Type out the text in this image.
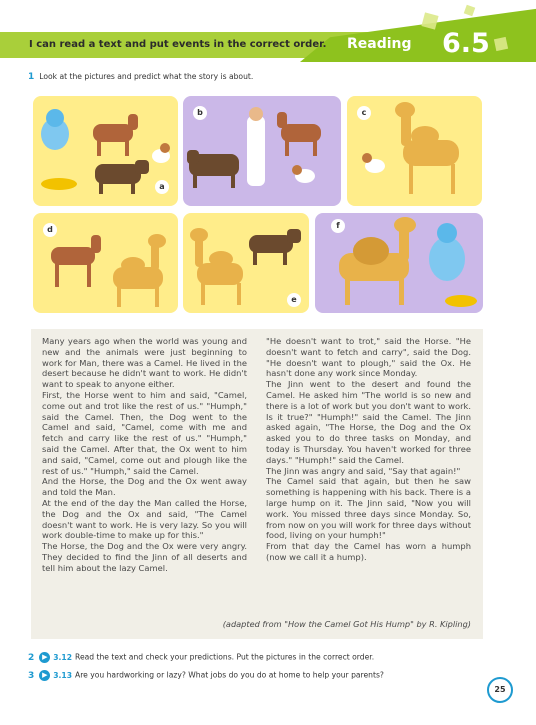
I can read a text and put events in the correct order. Reading 6.5
1 Look at the pictures and predict what the story is about.
a
b	c
d
e
f

Many years ago when the world was young and new and the animals were just beginning to work for Man, there was a Camel. He lived in the desert because he didn't want to work. He didn't want to speak to anyone either.

First, the Horse went to him and said, "Camel, come out and trot like the rest of us." "Humph," said the Camel. Then, the Dog went to the Camel and said, "Camel, come with me and fetch and carry like the rest of us." "Humph," said the Camel. After that, the Ox went to him and said, "Camel, come out and plough like the rest of us." "Humph," said the Camel.

And the Horse, the Dog and the Ox went away and told the Man.

At the end of the day the Man called the Horse, the Dog and the Ox and said, "The Camel doesn't want to work. He is very lazy. So you will work double-time to make up for this."

The Horse, the Dog and the Ox were very angry. They decided to find the Jinn of all deserts and tell him about the lazy Camel.

"He doesn't want to trot," said the Horse. "He doesn't want to fetch and carry", said the Dog. "He doesn't want to plough," said the Ox. He hasn't done any work since Monday.

The Jinn went to the desert and found the Camel. He asked him "The world is so new and there is a lot of work but you don't want to work. Is it true?" "Humph!" said the Camel. The Jinn asked again, "The Horse, the Dog and the Ox asked you to do three tasks on Monday, and today is Thursday. You haven't worked for three days." "Humph!" said the Camel.

The Jinn was angry and said, "Say that again!"

The Camel said that again, but then he saw something is happening with his back. There is a large hump on it. The Jinn said, "Now you will work. You missed three days since Monday. So, from now on you will work for three days without food, living on your humph!"

From that day the Camel has worn a humph (now we call it a hump).

(adapted from "How the Camel Got His Hump" by R. Kipling)
2 ▶ 3.12 Read the text and check your predictions. Put the pictures in the correct order.
3 ▶ 3.13 Are you hardworking or lazy? What jobs do you do at home to help your parents?
25
